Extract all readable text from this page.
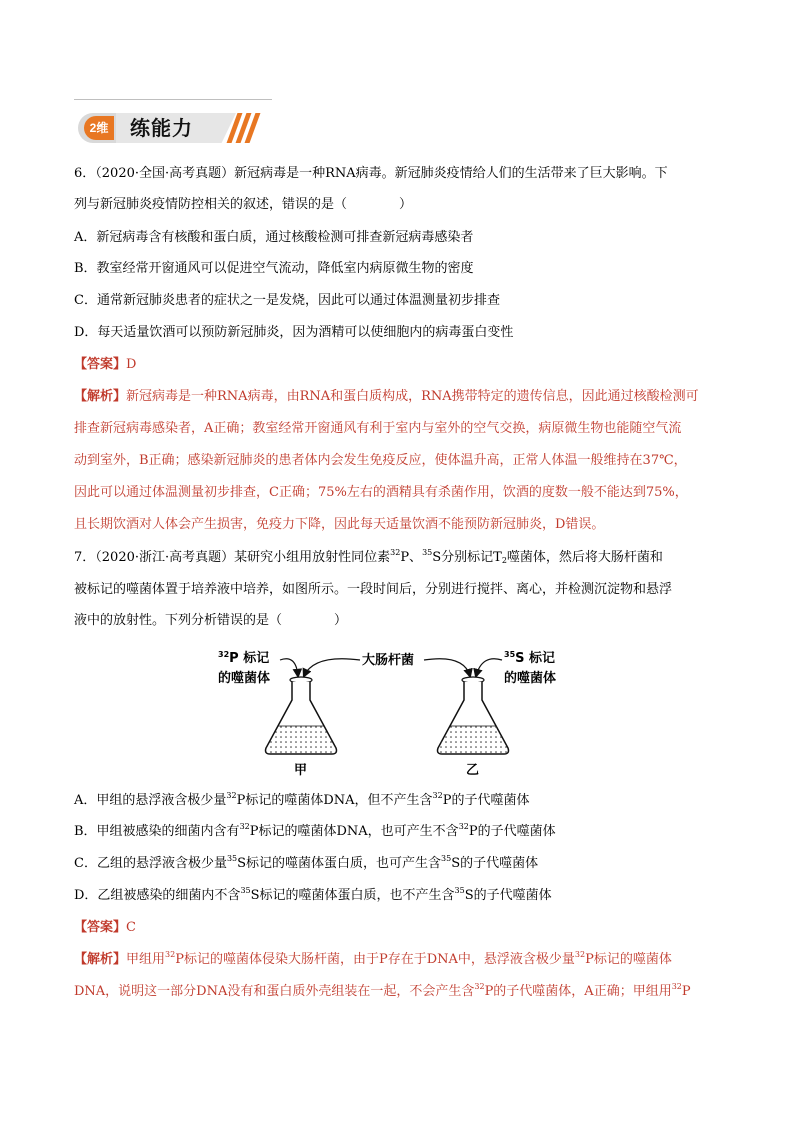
2维 练能力
6．（2020·全国·高考真题）新冠病毒是一种RNA病毒。新冠肺炎疫情给人们的生活带来了巨大影响。下
列与新冠肺炎疫情防控相关的叙述，错误的是（　　　　）
A．新冠病毒含有核酸和蛋白质，通过核酸检测可排查新冠病毒感染者
B．教室经常开窗通风可以促进空气流动，降低室内病原微生物的密度
C．通常新冠肺炎患者的症状之一是发烧，因此可以通过体温测量初步排查
D．每天适量饮酒可以预防新冠肺炎，因为酒精可以使细胞内的病毒蛋白变性
【答案】D
【解析】新冠病毒是一种RNA病毒，由RNA和蛋白质构成，RNA携带特定的遗传信息，因此通过核酸检测可
排查新冠病毒感染者，A正确；教室经常开窗通风有利于室内与室外的空气交换，病原微生物也能随空气流
动到室外，B正确；感染新冠肺炎的患者体内会发生免疫反应，使体温升高，正常人体温一般维持在37℃，
因此可以通过体温测量初步排查，C正确；75%左右的酒精具有杀菌作用，饮酒的度数一般不能达到75%，
且长期饮酒对人体会产生损害，免疫力下降，因此每天适量饮酒不能预防新冠肺炎，D错误。
7．（2020·浙江·高考真题）某研究小组用放射性同位素$^{32}$P、$^{35}$S分别标记$T_2$噬菌体，然后将大肠杆菌和
被标记的噬菌体置于培养液中培养，如图所示。一段时间后，分别进行搅拌、离心，并检测沉淀物和悬浮
液中的放射性。下列分析错误的是（　　　　）
$^{32}$P 标记
的噬菌体
大肠杆菌	$^{35}$S 标记
的噬菌体
甲	乙
A．甲组的悬浮液含极少量$^{32}$P标记的噬菌体DNA，但不产生含$^{32}$P的子代噬菌体
B．甲组被感染的细菌内含有$^{32}$P标记的噬菌体DNA，也可产生不含$^{32}$P的子代噬菌体
C．乙组的悬浮液含极少量$^{35}$S标记的噬菌体蛋白质，也可产生含$^{35}$S的子代噬菌体
D．乙组被感染的细菌内不含$^{35}$S标记的噬菌体蛋白质，也不产生含$^{35}$S的子代噬菌体
【答案】C
【解析】甲组用$^{32}$P标记的噬菌体侵染大肠杆菌，由于P存在于DNA中，悬浮液含极少量$^{32}$P标记的噬菌体
DNA，说明这一部分DNA没有和蛋白质外壳组装在一起，不会产生含$^{32}$P的子代噬菌体，A正确；甲组用$^{32}$P
